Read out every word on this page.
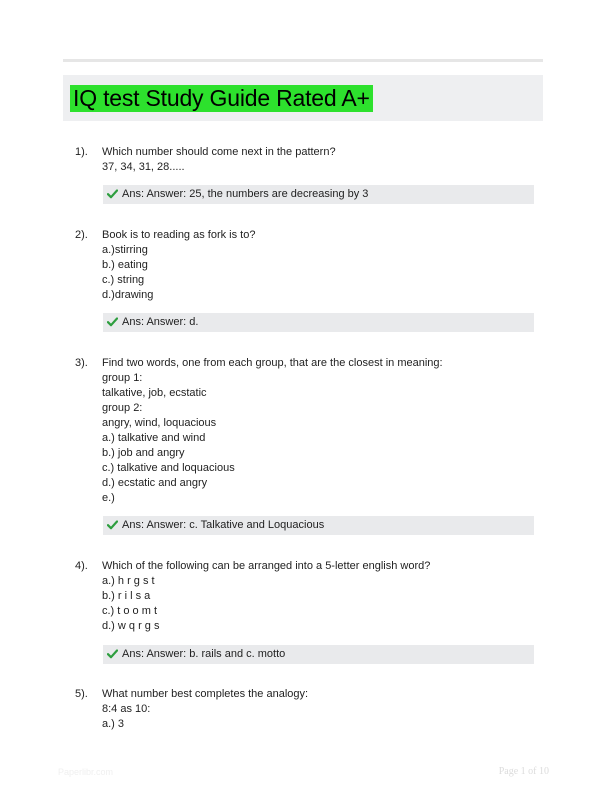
IQ test Study Guide Rated A+
1). Which number should come next in the pattern?
37, 34, 31, 28.....
Ans: Answer: 25, the numbers are decreasing by 3
2). Book is to reading as fork is to?
a.)stirring
b.) eating
c.) string
d.)drawing
Ans: Answer: d.
3). Find two words, one from each group, that are the closest in meaning:
group 1:
talkative, job, ecstatic
group 2:
angry, wind, loquacious
a.) talkative and wind
b.) job and angry
c.) talkative and loquacious
d.) ecstatic and angry
e.)
Ans: Answer: c. Talkative and Loquacious
4). Which of the following can be arranged into a 5-letter english word?
a.) h r g s t
b.) r i l s a
c.) t o o m t
d.) w q r g s
Ans: Answer: b. rails and c. motto
5). What number best completes the analogy:
8:4 as 10:
a.) 3
Paperlibr.com	Page 1 of 10
